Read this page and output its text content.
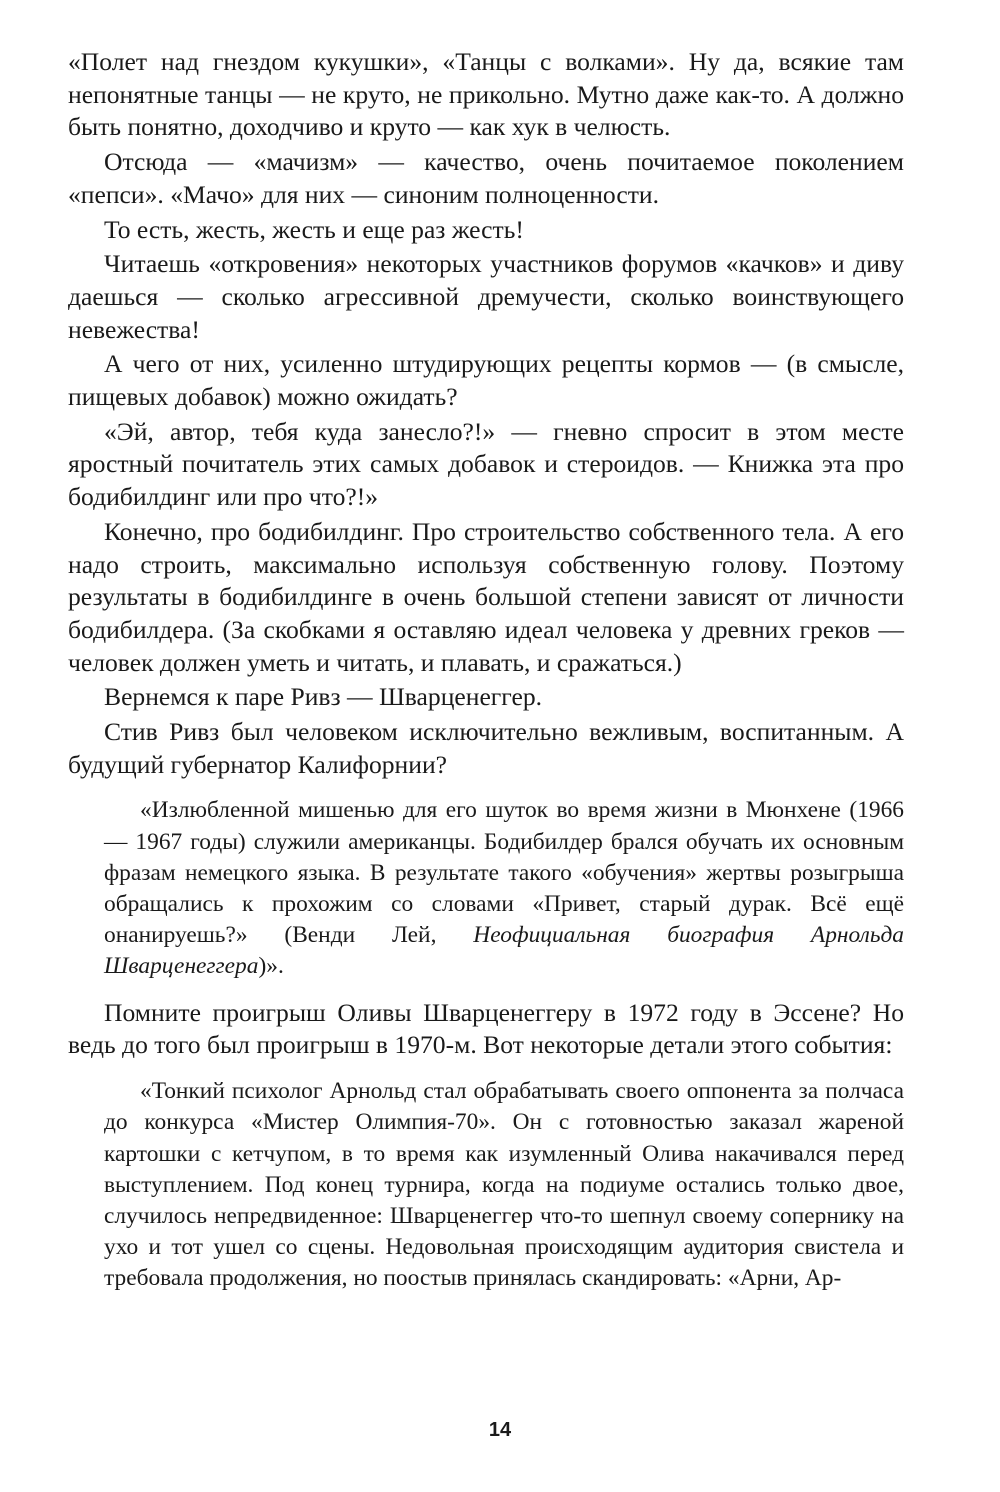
«Полет над гнездом кукушки», «Танцы с волками». Ну да, всякие там непонятные танцы — не круто, не прикольно. Мутно даже как-то. А должно быть понятно, доходчиво и круто — как хук в челюсть.

Отсюда — «мачизм» — качество, очень почитаемое поколением «пепси». «Мачо» для них — синоним полноценности.

То есть, жесть, жесть и еще раз жесть!

Читаешь «откровения» некоторых участников форумов «качков» и диву даешься — сколько агрессивной дремучести, сколько воинствующего невежества!

А чего от них, усиленно штудирующих рецепты кормов — (в смысле, пищевых добавок) можно ожидать?

«Эй, автор, тебя куда занесло?!» — гневно спросит в этом месте яростный почитатель этих самых добавок и стероидов. — Книжка эта про бодибилдинг или про что?!»

Конечно, про бодибилдинг. Про строительство собственного тела. А его надо строить, максимально используя собственную голову. Поэтому результаты в бодибилдинге в очень большой степени зависят от личности бодибилдера. (За скобками я оставляю идеал человека у древних греков — человек должен уметь и читать, и плавать, и сражаться.)

Вернемся к паре Ривз — Шварценеггер.

Стив Ривз был человеком исключительно вежливым, воспитанным. А будущий губернатор Калифорнии?

«Излюбленной мишенью для его шуток во время жизни в Мюнхене (1966 — 1967 годы) служили американцы. Бодибилдер брался обучать их основным фразам немецкого языка. В результате такого «обучения» жертвы розыгрыша обращались к прохожим со словами «Привет, старый дурак. Всё ещё онанируешь?» (Венди Лей, Неофициальная биография Арнольда Шварценеггера)».

Помните проигрыш Оливы Шварценеггеру в 1972 году в Эссене? Но ведь до того был проигрыш в 1970-м. Вот некоторые детали этого события:

«Тонкий психолог Арнольд стал обрабатывать своего оппонента за полчаса до конкурса «Мистер Олимпия-70». Он с готовностью заказал жареной картошки с кетчупом, в то время как изумленный Олива накачивался перед выступлением. Под конец турнира, когда на подиуме остались только двое, случилось непредвиденное: Шварценеггер что-то шепнул своему сопернику на ухо и тот ушел со сцены. Недовольная происходящим аудитория свистела и требовала продолжения, но поостыв принялась скандировать: «Арни, Ар-

14
